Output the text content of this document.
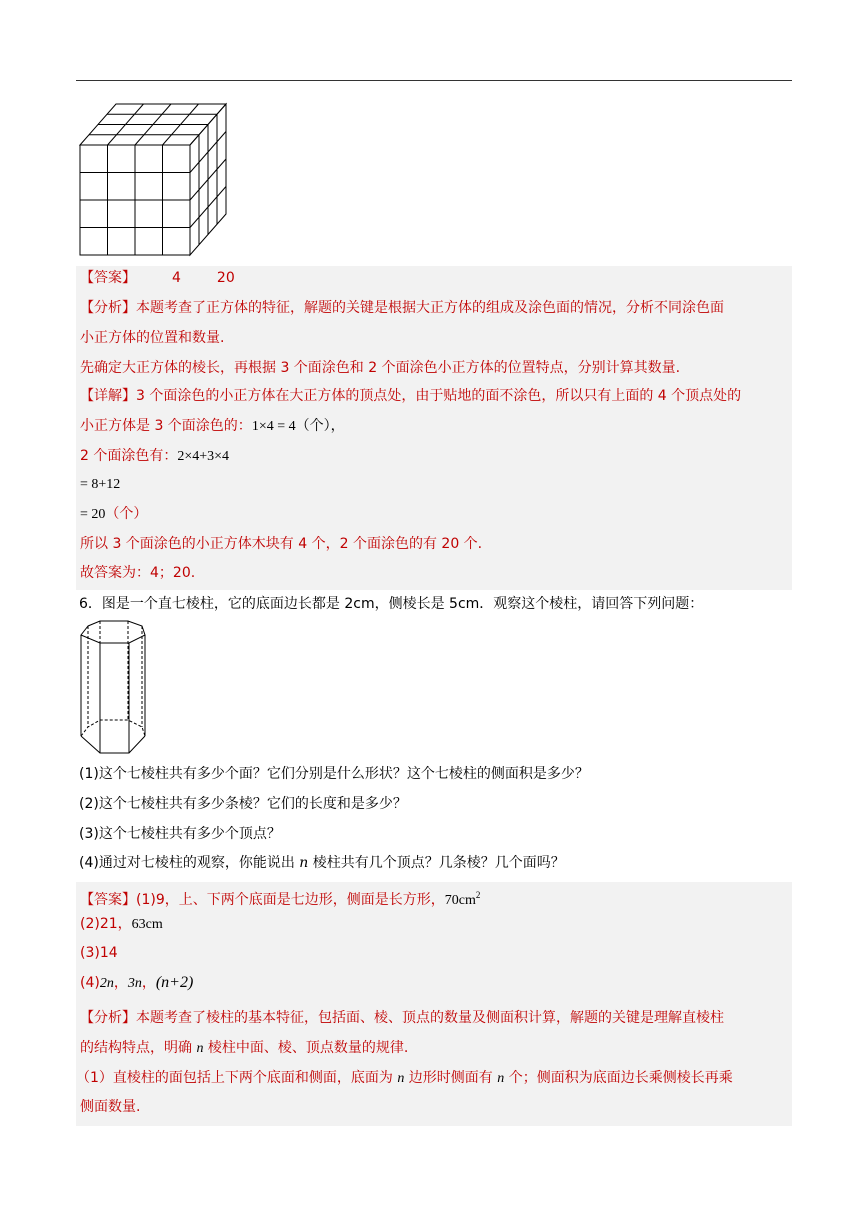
【答案】	4	20
【分析】本题考查了正方体的特征，解题的关键是根据大正方体的组成及涂色面的情况，分析不同涂色面
小正方体的位置和数量.
先确定大正方体的棱长，再根据 3 个面涂色和 2 个面涂色小正方体的位置特点，分别计算其数量.
【详解】3 个面涂色的小正方体在大正方体的顶点处，由于贴地的面不涂色，所以只有上面的 4 个顶点处的
小正方体是 3 个面涂色的：1×4 = 4（个），
2 个面涂色有：2×4+3×4
= 8+12
= 20（个）
所以 3 个面涂色的小正方体木块有 4 个，2 个面涂色的有 20 个.
故答案为：4；20.
6．图是一个直七棱柱，它的底面边长都是 2cm，侧棱长是 5cm．观察这个棱柱，请回答下列问题：
(1)这个七棱柱共有多少个面？它们分别是什么形状？这个七棱柱的侧面积是多少？
(2)这个七棱柱共有多少条棱？它们的长度和是多少？
(3)这个七棱柱共有多少个顶点？
(4)通过对七棱柱的观察，你能说出 n 棱柱共有几个顶点？几条棱？几个面吗？
【答案】(1)9，上、下两个底面是七边形，侧面是长方形，$70cm^2$
(2)21，63cm
(3)14
(4)2n，3n，(n+2)
【分析】本题考查了棱柱的基本特征，包括面、棱、顶点的数量及侧面积计算，解题的关键是理解直棱柱
的结构特点，明确 n 棱柱中面、棱、顶点数量的规律.
（1）直棱柱的面包括上下两个底面和侧面，底面为 n 边形时侧面有 n 个；侧面积为底面边长乘侧棱长再乘
侧面数量.
